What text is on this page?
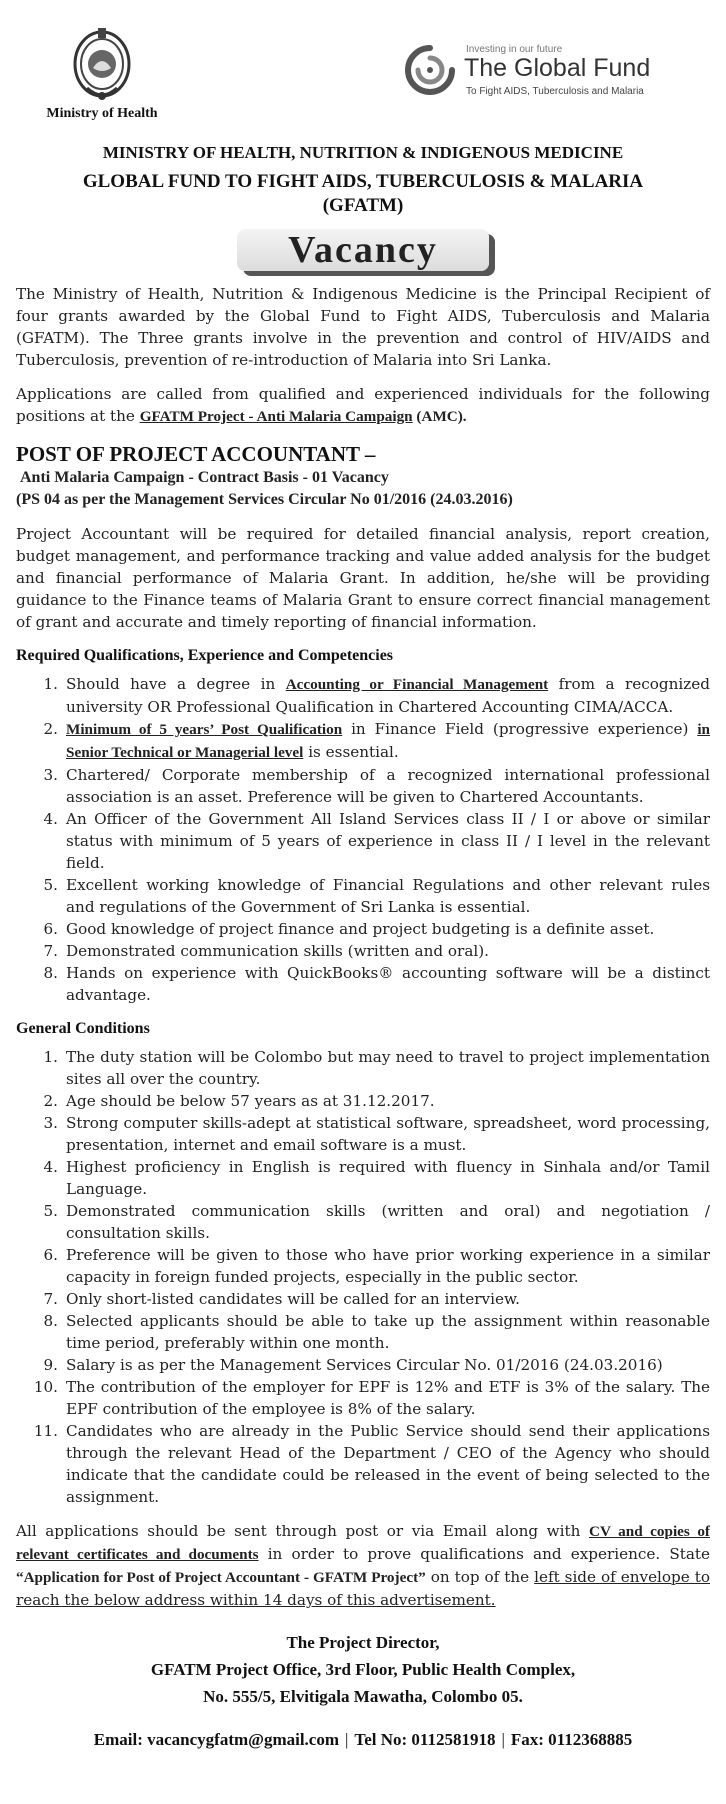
Ministry of Health
Investing in our future
The Global Fund
To Fight AIDS, Tuberculosis and Malaria
MINISTRY OF HEALTH, NUTRITION & INDIGENOUS MEDICINE
GLOBAL FUND TO FIGHT AIDS, TUBERCULOSIS & MALARIA
(GFATM)
Vacancy
The Ministry of Health, Nutrition & Indigenous Medicine is the Principal Recipient of four grants awarded by the Global Fund to Fight AIDS, Tuberculosis and Malaria (GFATM). The Three grants involve in the prevention and control of HIV/AIDS and Tuberculosis, prevention of re-introduction of Malaria into Sri Lanka.
Applications are called from qualified and experienced individuals for the following positions at the GFATM Project - Anti Malaria Campaign (AMC).
POST OF PROJECT ACCOUNTANT –
Anti Malaria Campaign - Contract Basis - 01 Vacancy
(PS 04 as per the Management Services Circular No 01/2016 (24.03.2016)
Project Accountant will be required for detailed financial analysis, report creation, budget management, and performance tracking and value added analysis for the budget and financial performance of Malaria Grant. In addition, he/she will be providing guidance to the Finance teams of Malaria Grant to ensure correct financial management of grant and accurate and timely reporting of financial information.
Required Qualifications, Experience and Competencies
1. Should have a degree in Accounting or Financial Management from a recognized university OR Professional Qualification in Chartered Accounting CIMA/ACCA.
2. Minimum of 5 years’ Post Qualification in Finance Field (progressive experience) in Senior Technical or Managerial level is essential.
3. Chartered/ Corporate membership of a recognized international professional association is an asset. Preference will be given to Chartered Accountants.
4. An Officer of the Government All Island Services class II / I or above or similar status with minimum of 5 years of experience in class II / I level in the relevant field.
5. Excellent working knowledge of Financial Regulations and other relevant rules and regulations of the Government of Sri Lanka is essential.
6. Good knowledge of project finance and project budgeting is a definite asset.
7. Demonstrated communication skills (written and oral).
8. Hands on experience with QuickBooks® accounting software will be a distinct advantage.
General Conditions
1. The duty station will be Colombo but may need to travel to project implementation sites all over the country.
2. Age should be below 57 years as at 31.12.2017.
3. Strong computer skills-adept at statistical software, spreadsheet, word processing, presentation, internet and email software is a must.
4. Highest proficiency in English is required with fluency in Sinhala and/or Tamil Language.
5. Demonstrated communication skills (written and oral) and negotiation / consultation skills.
6. Preference will be given to those who have prior working experience in a similar capacity in foreign funded projects, especially in the public sector.
7. Only short-listed candidates will be called for an interview.
8. Selected applicants should be able to take up the assignment within reasonable time period, preferably within one month.
9. Salary is as per the Management Services Circular No. 01/2016 (24.03.2016)
10. The contribution of the employer for EPF is 12% and ETF is 3% of the salary. The EPF contribution of the employee is 8% of the salary.
11. Candidates who are already in the Public Service should send their applications through the relevant Head of the Department / CEO of the Agency who should indicate that the candidate could be released in the event of being selected to the assignment.
All applications should be sent through post or via Email along with CV and copies of relevant certificates and documents in order to prove qualifications and experience. State “Application for Post of Project Accountant - GFATM Project” on top of the left side of envelope to reach the below address within 14 days of this advertisement.
The Project Director,
GFATM Project Office, 3rd Floor, Public Health Complex,
No. 555/5, Elvitigala Mawatha, Colombo 05.
Email: vacancygfatm@gmail.com | Tel No: 0112581918 | Fax: 0112368885
